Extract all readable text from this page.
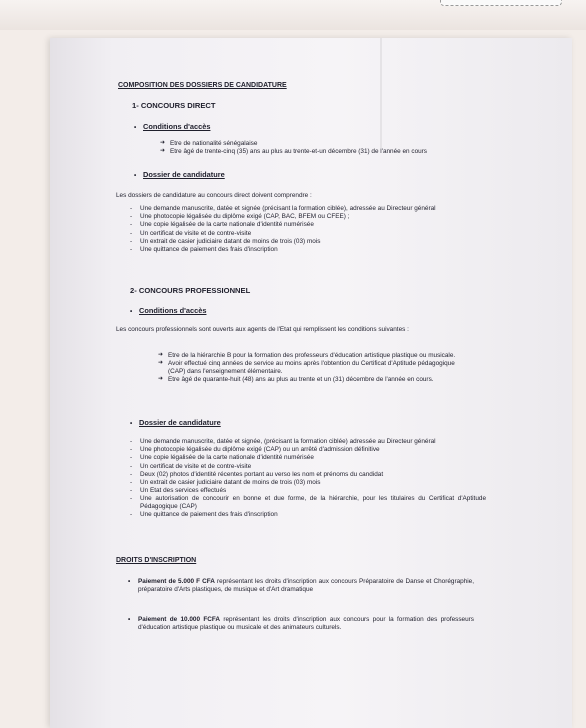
COMPOSITION DES DOSSIERS DE CANDIDATURE
1- CONCOURS DIRECT
• Conditions d'accès
➜ Etre de nationalité sénégalaise
➜ Etre âgé de trente-cinq (35) ans au plus au trente-et-un décembre (31) de l'année en cours
• Dossier de candidature
Les dossiers de candidature au concours direct doivent comprendre :
-	Une demande manuscrite, datée et signée (précisant la formation ciblée), adressée au Directeur général
-	Une photocopie légalisée du diplôme exigé (CAP, BAC, BFEM ou CFEE) ;
-	Une copie légalisée de la carte nationale d'identité numérisée
-	Un certificat de visite et de contre-visite
-	Un extrait de casier judiciaire datant de moins de trois (03) mois
-	Une quittance de paiement des frais d'inscription
2- CONCOURS PROFESSIONNEL
• Conditions d'accès
Les concours professionnels sont ouverts aux agents de l'Etat qui remplissent les conditions suivantes :
➜ Etre de la hiérarchie B pour la formation des professeurs d'éducation artistique plastique ou musicale.
➜ Avoir effectué cinq années de service au moins après l'obtention du Certificat d'Aptitude pédagogique (CAP) dans l'enseignement élémentaire.
➜ Etre âgé de quarante-huit (48) ans au plus au trente et un (31) décembre de l'année en cours.
• Dossier de candidature
-	Une demande manuscrite, datée et signée, (précisant la formation ciblée) adressée au Directeur général
-	Une photocopie légalisée du diplôme exigé (CAP) ou un arrêté d'admission définitive
-	Une copie légalisée de la carte nationale d'identité numérisée
-	Un certificat de visite et de contre-visite
-	Deux (02) photos d'identité récentes portant au verso les nom et prénoms du candidat
-	Un extrait de casier judiciaire datant de moins de trois (03) mois
-	Un Etat des services effectués
-	Une autorisation de concourir en bonne et due forme, de la hiérarchie, pour les titulaires du Certificat d'Aptitude Pédagogique (CAP)
-	Une quittance de paiement des frais d'inscription
DROITS D'INSCRIPTION
•	Paiement de 5.000 F CFA représentant les droits d'inscription aux concours Préparatoire de Danse et Chorégraphie, préparatoire d'Arts plastiques, de musique et d'Art dramatique
•	Paiement de 10.000 FCFA représentant les droits d'inscription aux concours pour la formation des professeurs d'éducation artistique plastique ou musicale et des animateurs culturels.
